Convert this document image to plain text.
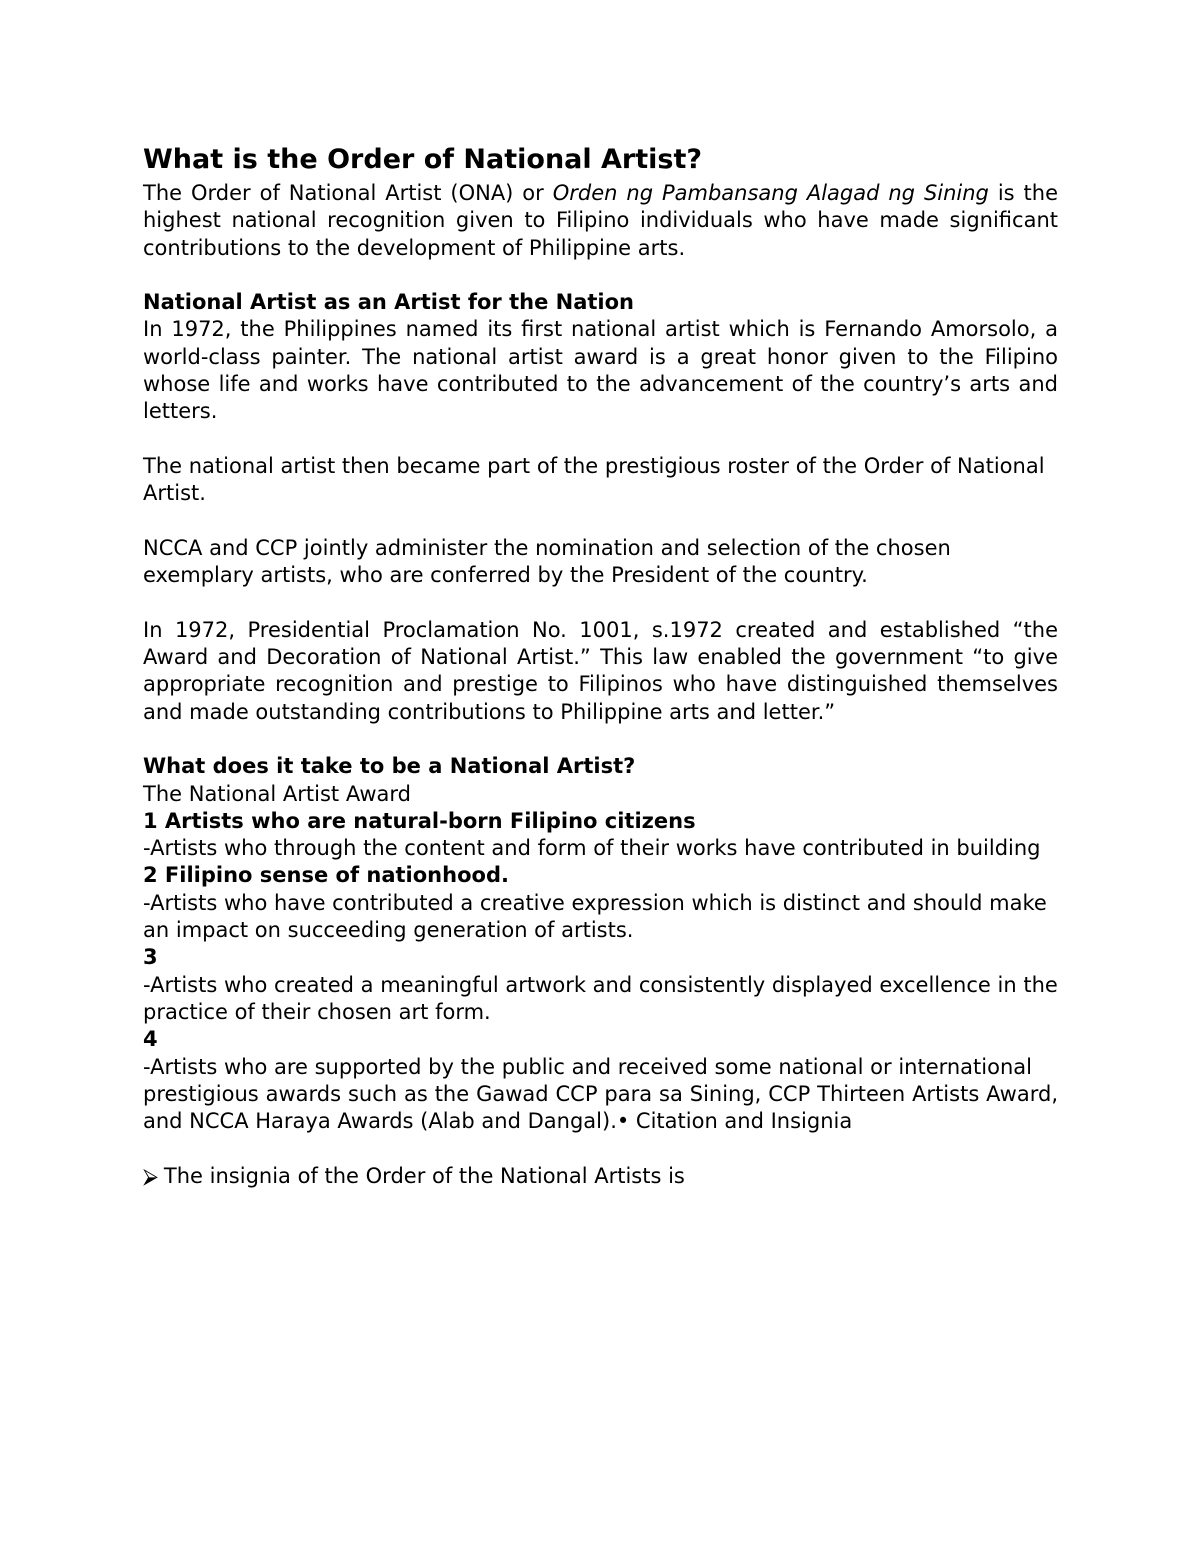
What is the Order of National Artist?

The Order of National Artist (ONA) or Orden ng Pambansang Alagad ng Sining is the highest national recognition given to Filipino individuals who have made significant contributions to the development of Philippine arts.

National Artist as an Artist for the Nation

In 1972, the Philippines named its first national artist which is Fernando Amorsolo, a world-class painter. The national artist award is a great honor given to the Filipino whose life and works have contributed to the advancement of the country’s arts and letters.

The national artist then became part of the prestigious roster of the Order of National Artist.

NCCA and CCP jointly administer the nomination and selection of the chosen exemplary artists, who are conferred by the President of the country.

In 1972, Presidential Proclamation No. 1001, s.1972 created and established “the Award and Decoration of National Artist.” This law enabled the government “to give appropriate recognition and prestige to Filipinos who have distinguished themselves and made outstanding contributions to Philippine arts and letter.”

What does it take to be a National Artist?

The National Artist Award

1 Artists who are natural-born Filipino citizens

-Artists who through the content and form of their works have contributed in building

2 Filipino sense of nationhood.

-Artists who have contributed a creative expression which is distinct and should make

an impact on succeeding generation of artists.

3

-Artists who created a meaningful artwork and consistently displayed excellence in the

practice of their chosen art form.

4

-Artists who are supported by the public and received some national or international

prestigious awards such as the Gawad CCP para sa Sining, CCP Thirteen Artists Award, and NCCA Haraya Awards (Alab and Dangal).• Citation and Insignia

⮚ The insignia of the Order of the National Artists is
